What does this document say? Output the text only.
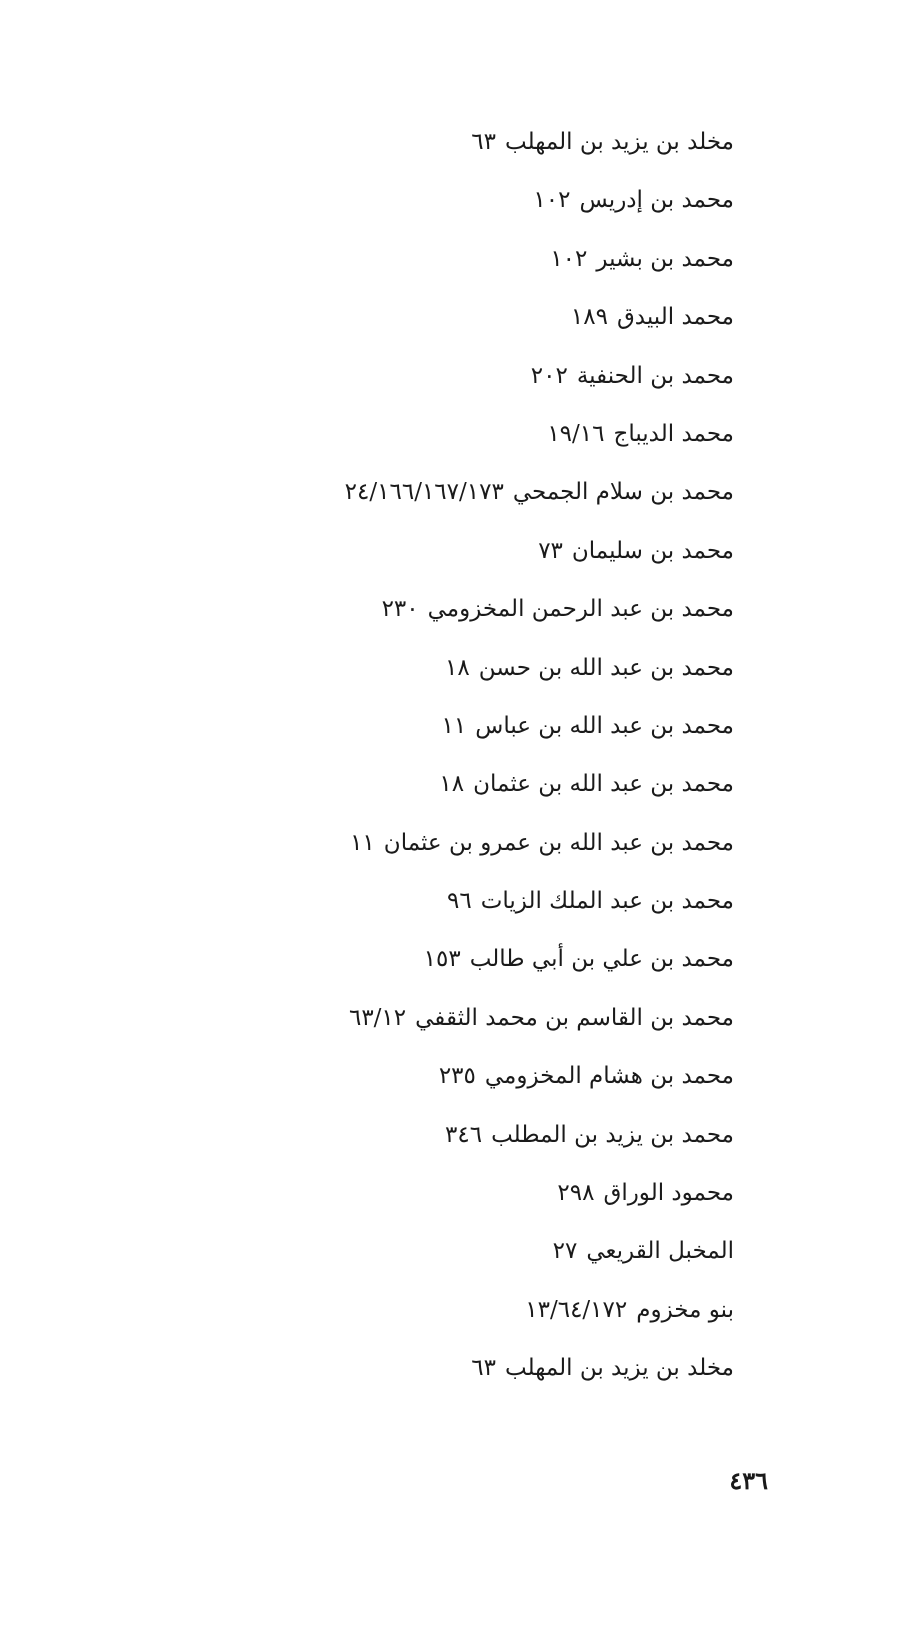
مخلد بن يزيد بن المهلب٦٣
محمد بن إدريس١٠٢
محمد بن بشير١٠٢
محمد البيدق١٨٩
محمد بن الحنفية٢٠٢
محمد الديباج١٩/١٦
محمد بن سلام الجمحي٢٤/١٦٦/١٦٧/١٧٣
محمد بن سليمان٧٣
محمد بن عبد الرحمن المخزومي٢٣٠
محمد بن عبد الله بن حسن١٨
محمد بن عبد الله بن عباس١١
محمد بن عبد الله بن عثمان١٨
محمد بن عبد الله بن عمرو بن عثمان١١
محمد بن عبد الملك الزيات٩٦
محمد بن علي بن أبي طالب١٥٣
محمد بن القاسم بن محمد الثقفي٦٣/١٢
محمد بن هشام المخزومي٢٣٥
محمد بن يزيد بن المطلب٣٤٦
محمود الوراق٢٩٨
المخبل القريعي٢٧
بنو مخزوم١٣/٦٤/١٧٢
مخلد بن يزيد بن المهلب٦٣
٤٣٦
